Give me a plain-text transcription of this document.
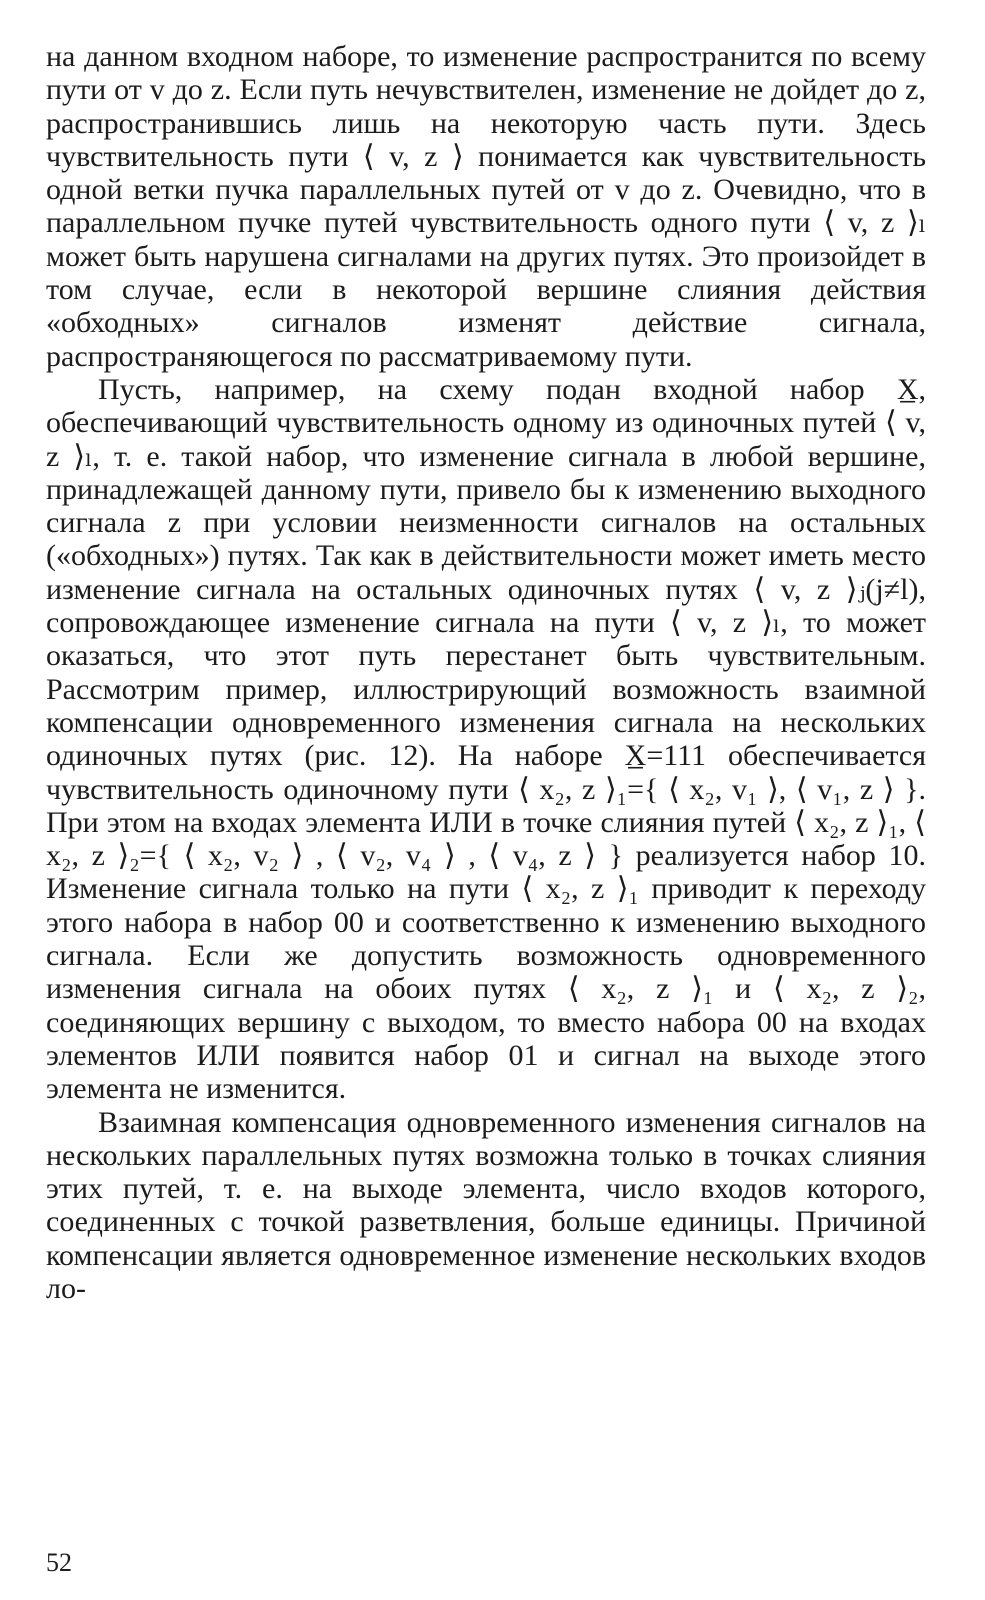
на данном входном наборе, то изменение распространится по всему пути от v до z. Если путь нечувствителен, изменение не дойдет до z, распространившись лишь на некоторую часть пути. Здесь чувствительность пути ⟨ v, z ⟩ понимается как чувствительность одной ветки пучка параллельных путей от v до z. Очевидно, что в параллельном пучке путей чувствительность одного пути ⟨ v, z ⟩ₗ может быть нарушена сигналами на других путях. Это произойдет в том случае, если в некоторой вершине слияния действия «обходных» сигналов изменят действие сигнала, распространяющегося по рассматриваемому пути.

Пусть, например, на схему подан входной набор X̲, обеспечивающий чувствительность одному из одиночных путей ⟨ v, z ⟩ₗ, т. е. такой набор, что изменение сигнала в любой вершине, принадлежащей данному пути, привело бы к изменению выходного сигнала z при условии неизменности сигналов на остальных («обходных») путях. Так как в действительности может иметь место изменение сигнала на остальных одиночных путях ⟨ v, z ⟩ⱼ(j≠l), сопровождающее изменение сигнала на пути ⟨ v, z ⟩ₗ, то может оказаться, что этот путь перестанет быть чувствительным. Рассмотрим пример, иллюстрирующий возможность взаимной компенсации одновременного изменения сигнала на нескольких одиночных путях (рис. 12). На наборе X̲=111 обеспечивается чувствительность одиночному пути ⟨ x₂, z ⟩₁={ ⟨ x₂, v₁ ⟩, ⟨ v₁, z ⟩ }. При этом на входах элемента ИЛИ в точке слияния путей ⟨ x₂, z ⟩₁, ⟨ x₂, z ⟩₂={ ⟨ x₂, v₂ ⟩ , ⟨ v₂, v₄ ⟩ , ⟨ v₄, z ⟩ } реализуется набор 10. Изменение сигнала только на пути ⟨ x₂, z ⟩₁ приводит к переходу этого набора в набор 00 и соответственно к изменению выходного сигнала. Если же допустить возможность одновременного изменения сигнала на обоих путях ⟨ x₂, z ⟩₁ и ⟨ x₂, z ⟩₂, соединяющих вершину с выходом, то вместо набора 00 на входах элементов ИЛИ появится набор 01 и сигнал на выходе этого элемента не изменится.

Взаимная компенсация одновременного изменения сигналов на нескольких параллельных путях возможна только в точках слияния этих путей, т. е. на выходе элемента, число входов которого, соединенных с точкой разветвления, больше единицы. Причиной компенсации является одновременное изменение нескольких входов ло-

52
